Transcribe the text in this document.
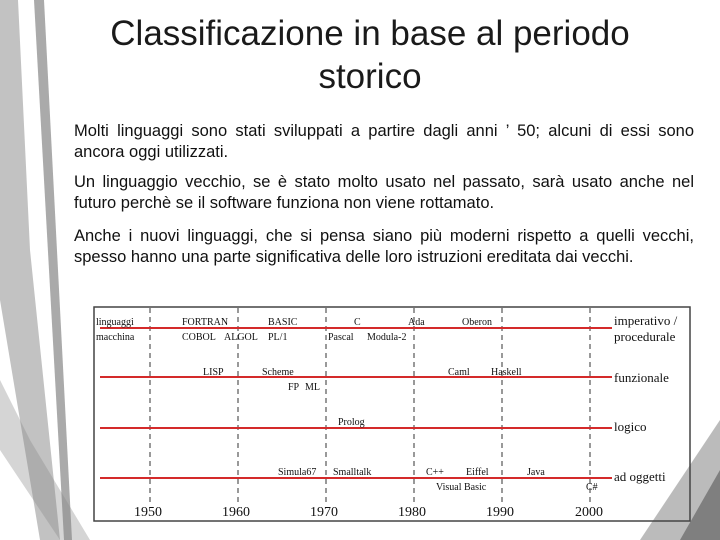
Classificazione in base al periodo storico
Molti linguaggi sono stati sviluppati a partire dagli anni ’ 50; alcuni di essi sono ancora oggi utilizzati.
Un linguaggio vecchio, se è stato molto usato nel passato, sarà usato anche nel futuro perchè se il software funziona non viene rottamato.
Anche i nuovi linguaggi, che si pensa siano più moderni rispetto a quelli vecchi, spesso hanno una parte significativa delle loro istruzioni ereditata dai vecchi.
linguaggi
macchina
FORTRAN	BASIC	C	Ada	Oberon
COBOL ALGOL PL/1	Pascal Modula-2
LISP	Scheme
FP ML
Caml Haskell
Prolog
Simula67 Smalltalk	C++ Eiffel	Java
Visual Basic	C#
imperativo /
procedurale
funzionale
logico
ad oggetti
1950	1960	1970	1980	1990	2000
